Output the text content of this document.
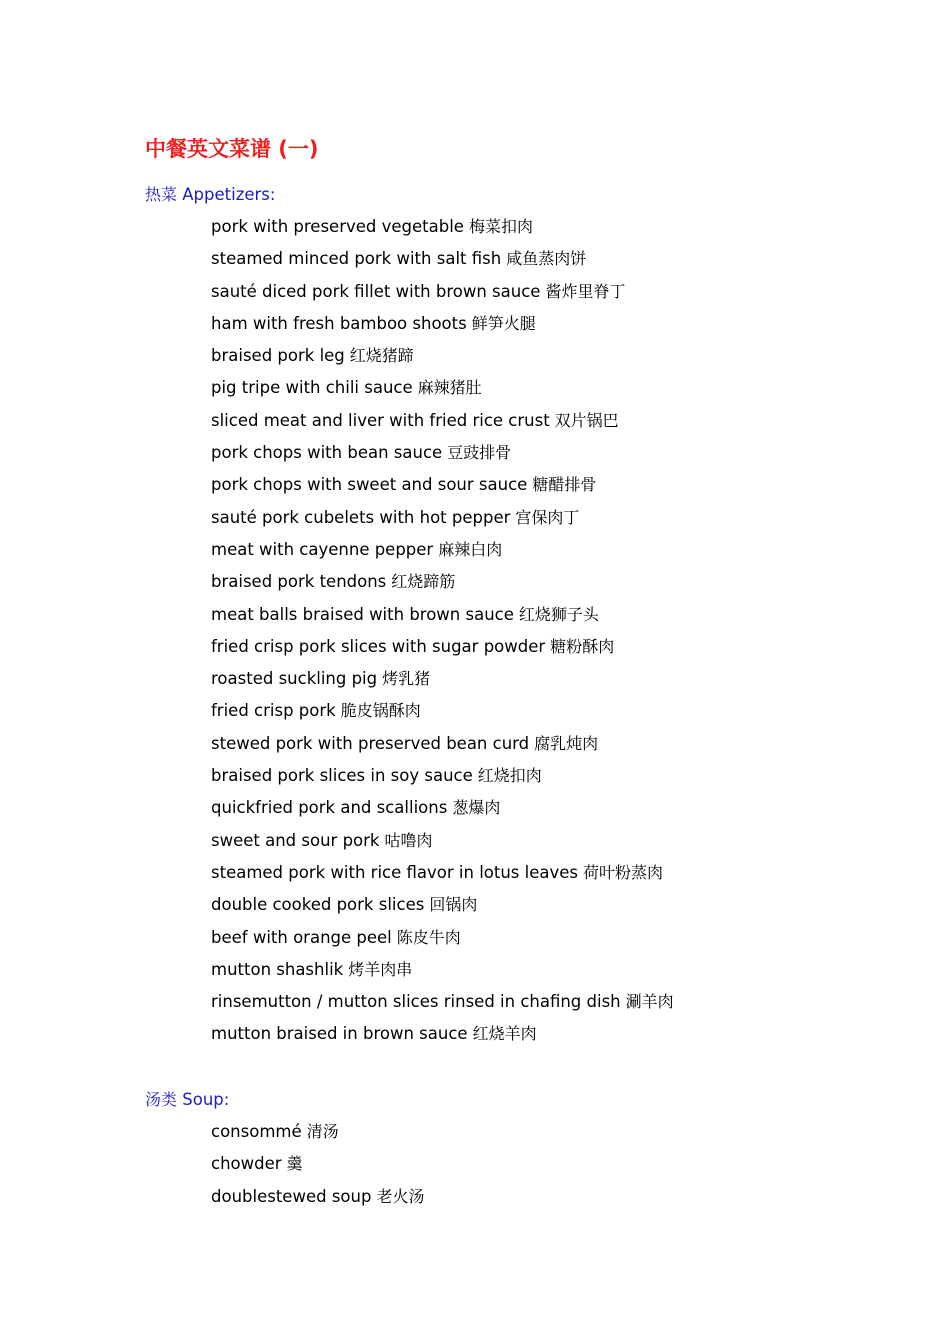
中餐英文菜谱 (一)
热菜 Appetizers:
pork with preserved vegetable 梅菜扣肉
steamed minced pork with salt fish 咸鱼蒸肉饼
sauté diced pork fillet with brown sauce 酱炸里脊丁
ham with fresh bamboo shoots 鲜笋火腿
braised pork leg 红烧猪蹄
pig tripe with chili sauce 麻辣猪肚
sliced meat and liver with fried rice crust 双片锅巴
pork chops with bean sauce 豆豉排骨
pork chops with sweet and sour sauce 糖醋排骨
sauté pork cubelets with hot pepper 宫保肉丁
meat with cayenne pepper 麻辣白肉
braised pork tendons 红烧蹄筋
meat balls braised with brown sauce 红烧狮子头
fried crisp pork slices with sugar powder 糖粉酥肉
roasted suckling pig 烤乳猪
fried crisp pork 脆皮锅酥肉
stewed pork with preserved bean curd 腐乳炖肉
braised pork slices in soy sauce 红烧扣肉
quickfried pork and scallions 葱爆肉
sweet and sour pork 咕噜肉
steamed pork with rice flavor in lotus leaves 荷叶粉蒸肉
double cooked pork slices 回锅肉
beef with orange peel 陈皮牛肉
mutton shashlik 烤羊肉串
rinsemutton / mutton slices rinsed in chafing dish 涮羊肉
mutton braised in brown sauce 红烧羊肉
汤类 Soup:
consommé 清汤
chowder 羹
doublestewed soup 老火汤
